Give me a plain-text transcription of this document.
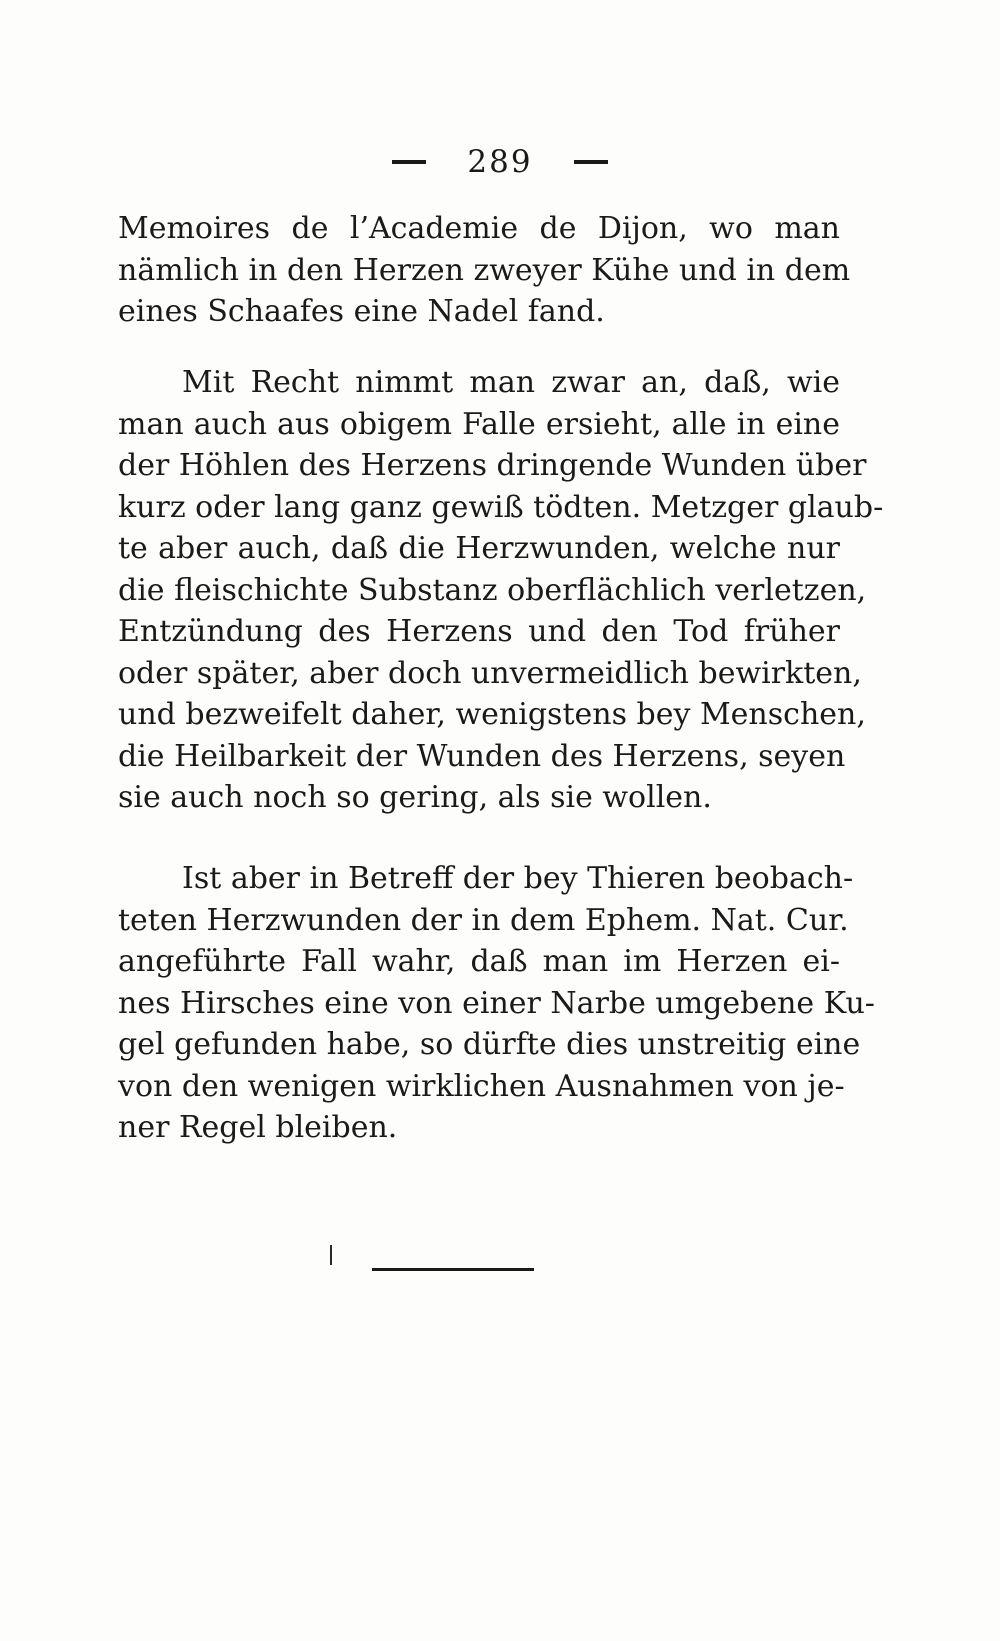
289
Memoires de l’Academie de Dijon, wo man
nämlich in den Herzen zweyer Kühe und in dem
eines Schaafes eine Nadel fand.
Mit Recht nimmt man zwar an, daß, wie
man auch aus obigem Falle ersieht, alle in eine
der Höhlen des Herzens dringende Wunden über
kurz oder lang ganz gewiß tödten. Metzger glaub-
te aber auch, daß die Herzwunden, welche nur
die fleischichte Substanz oberflächlich verletzen,
Entzündung des Herzens und den Tod früher
oder später, aber doch unvermeidlich bewirkten,
und bezweifelt daher, wenigstens bey Menschen,
die Heilbarkeit der Wunden des Herzens, seyen
sie auch noch so gering, als sie wollen.
Ist aber in Betreff der bey Thieren beobach-
teten Herzwunden der in dem Ephem. Nat. Cur.
angeführte Fall wahr, daß man im Herzen ei-
nes Hirsches eine von einer Narbe umgebene Ku-
gel gefunden habe, so dürfte dies unstreitig eine
von den wenigen wirklichen Ausnahmen von je-
ner Regel bleiben.
